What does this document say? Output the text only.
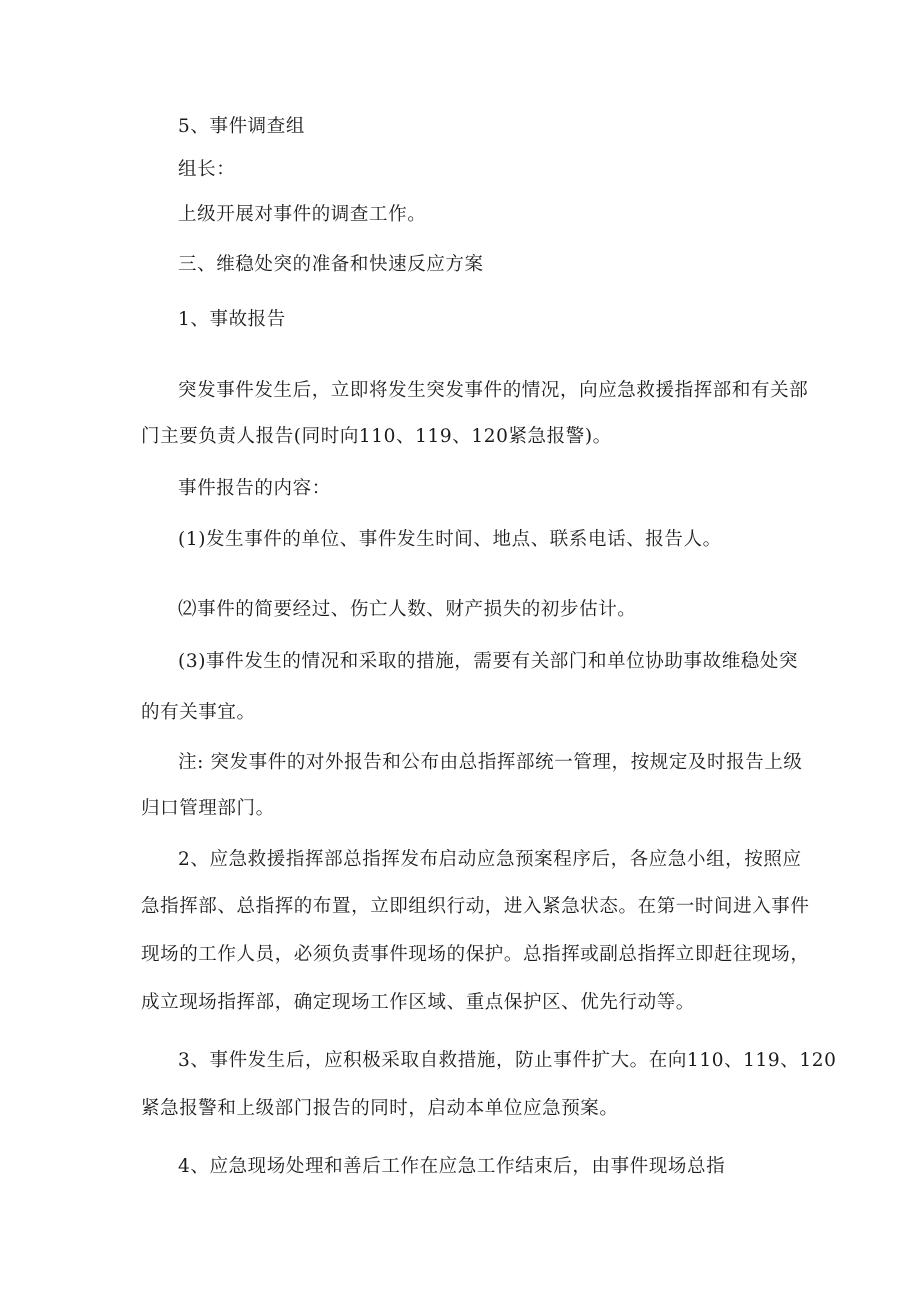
5、事件调查组
组长：
上级开展对事件的调查工作。
三、维稳处突的准备和快速反应方案
1、事故报告
突发事件发生后，立即将发生突发事件的情况，向应急救援指挥部和有关部
门主要负责人报告(同时向110、119、120紧急报警)。
事件报告的内容：
(1)发生事件的单位、事件发生时间、地点、联系电话、报告人。
⑵事件的简要经过、伤亡人数、财产损失的初步估计。
(3)事件发生的情况和采取的措施，需要有关部门和单位协助事故维稳处突
的有关事宜。
注: 突发事件的对外报告和公布由总指挥部统一管理，按规定及时报告上级
归口管理部门。
2、应急救援指挥部总指挥发布启动应急预案程序后，各应急小组，按照应
急指挥部、总指挥的布置，立即组织行动，进入紧急状态。在第一时间进入事件
现场的工作人员，必须负责事件现场的保护。总指挥或副总指挥立即赶往现场，
成立现场指挥部，确定现场工作区域、重点保护区、优先行动等。
3、事件发生后，应积极采取自救措施，防止事件扩大。在向110、119、120
紧急报警和上级部门报告的同时，启动本单位应急预案。
4、应急现场处理和善后工作在应急工作结束后，由事件现场总指
